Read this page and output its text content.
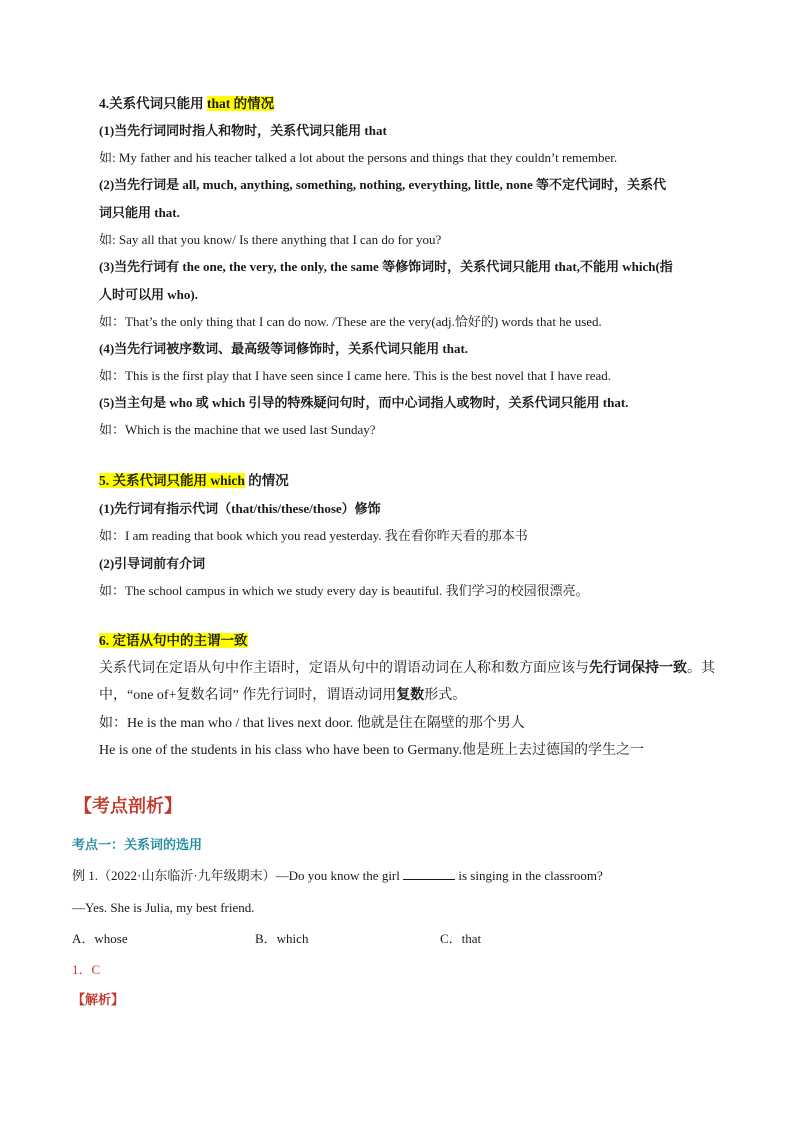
4.关系代词只能用 that 的情况
(1)当先行词同时指人和物时，关系代词只能用 that
如: My father and his teacher talked a lot about the persons and things that they couldn’t remember.
(2)当先行词是 all, much, anything, something, nothing, everything, little, none 等不定代词时，关系代
词只能用 that.
如: Say all that you know/ Is there anything that I can do for you?
(3)当先行词有 the one, the very, the only, the same 等修饰词时，关系代词只能用 that,不能用 which(指
人时可以用 who).
如：That’s the only thing that I can do now. /These are the very(adj.恰好的) words that he used.
(4)当先行词被序数词、最高级等词修饰时，关系代词只能用 that.
如：This is the first play that I have seen since I came here. This is the best novel that I have read.
(5)当主句是 who 或 which 引导的特殊疑问句时，而中心词指人或物时，关系代词只能用 that.
如：Which is the machine that we used last Sunday?
5. 关系代词只能用 which 的情况
(1)先行词有指示代词（that/this/these/those）修饰
如：I am reading that book which you read yesterday. 我在看你昨天看的那本书
(2)引导词前有介词
如：The school campus in which we study every day is beautiful. 我们学习的校园很漂亮。
6. 定语从句中的主谓一致
关系代词在定语从句中作主语时，定语从句中的谓语动词在人称和数方面应该与先行词保持一致。其
中，“one of+复数名词” 作先行词时，谓语动词用复数形式。
如：He is the man who / that lives next door. 他就是住在隔壁的那个男人
He is one of the students in his class who have been to Germany.他是班上去过德国的学生之一
【考点剖析】
考点一：关系词的选用
例 1.（2022·山东临沂·九年级期末）—Do you know the girl	is singing in the classroom?
—Yes. She is Julia, my best friend.
A．whose	B．which	C．that
1．C
【解析】
